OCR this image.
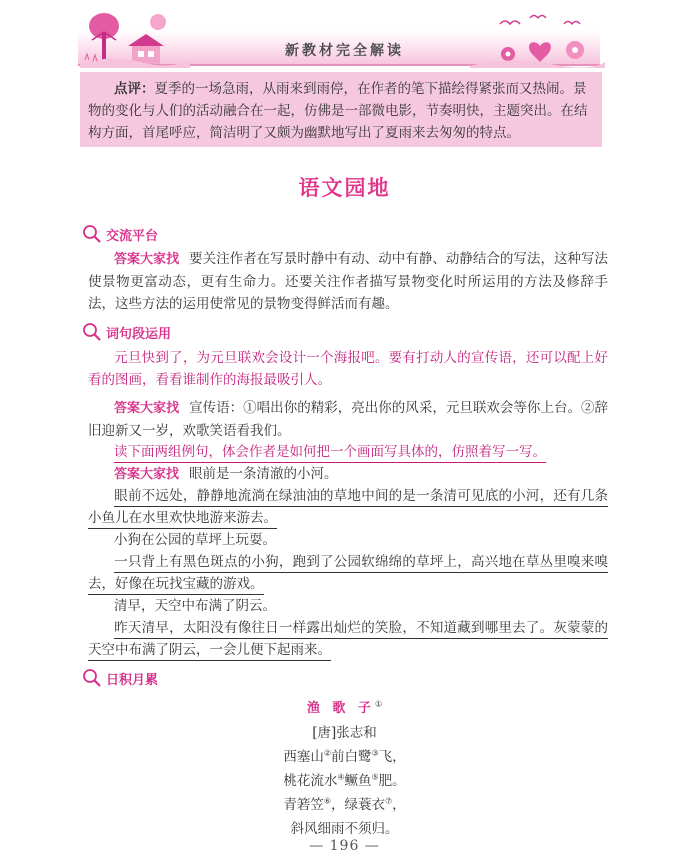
新教材完全解读
点评：夏季的一场急雨，从雨来到雨停，在作者的笔下描绘得紧张而又热闹。景物的变化与人们的活动融合在一起，仿佛是一部微电影，节奏明快，主题突出。在结构方面，首尾呼应，简洁明了又颇为幽默地写出了夏雨来去匆匆的特点。
语文园地
交流平台

答案大家找 要关注作者在写景时静中有动、动中有静、动静结合的写法，这种写法使景物更富动态，更有生命力。还要关注作者描写景物变化时所运用的方法及修辞手法，这些方法的运用使常见的景物变得鲜活而有趣。

词句段运用

元旦快到了，为元旦联欢会设计一个海报吧。要有打动人的宣传语，还可以配上好看的图画，看看谁制作的海报最吸引人。

答案大家找 宣传语：①唱出你的精彩，亮出你的风采，元旦联欢会等你上台。②辞旧迎新又一岁，欢歌笑语看我们。

读下面两组例句，体会作者是如何把一个画面写具体的，仿照着写一写。

答案大家找 眼前是一条清澈的小河。

眼前不远处，静静地流淌在绿油油的草地中间的是一条清可见底的小河，还有几条小鱼儿在水里欢快地游来游去。

小狗在公园的草坪上玩耍。

一只背上有黑色斑点的小狗，跑到了公园软绵绵的草坪上，高兴地在草丛里嗅来嗅去，好像在玩找宝藏的游戏。

清早，天空中布满了阴云。

昨天清早，太阳没有像往日一样露出灿烂的笑脸，不知道藏到哪里去了。灰蒙蒙的天空中布满了阴云，一会儿便下起雨来。

日积月累
渔 歌 子①
[唐]张志和
西塞山②前白鹭③飞，
桃花流水④鳜鱼⑤肥。
青箬笠⑥，绿蓑衣⑦，
斜风细雨不须归。
— 196 —
